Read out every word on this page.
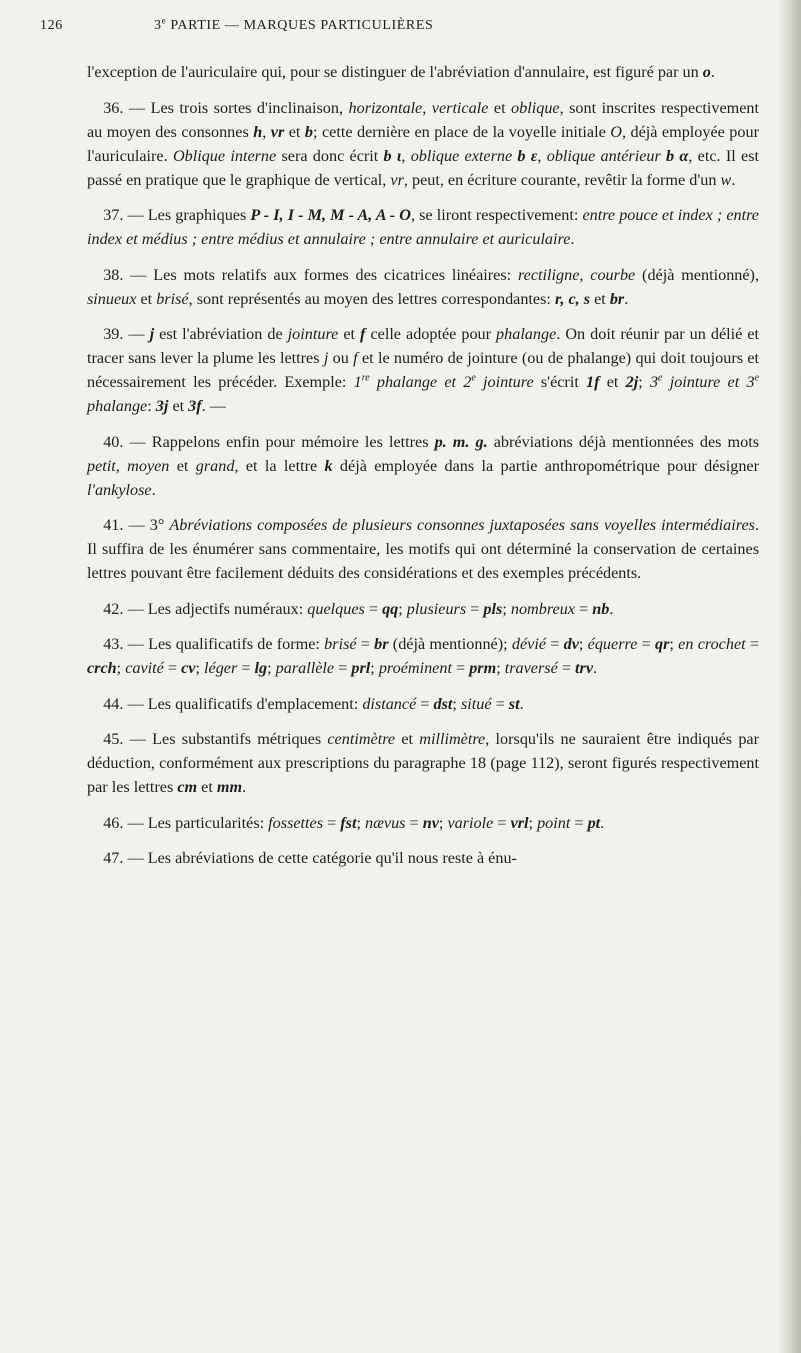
126	3e PARTIE — MARQUES PARTICULIÈRES

l'exception de l'auriculaire qui, pour se distinguer de l'abréviation d'annulaire, est figuré par un o.

 36. — Les trois sortes d'inclinaison, horizontale, verticale et oblique, sont inscrites respectivement au moyen des consonnes h, vr et b; cette dernière en place de la voyelle initiale O, déjà employée pour l'auriculaire. Oblique interne sera donc écrit b ι, oblique externe b ε, oblique antérieur b α, etc. Il est passé en pratique que le graphique de vertical, vr, peut, en écriture courante, revêtir la forme d'un w.

 37. — Les graphiques P - I, I - M, M - A, A - O, se liront respectivement: entre pouce et index ; entre index et médius ; entre médius et annulaire ; entre annulaire et auriculaire.

 38. — Les mots relatifs aux formes des cicatrices linéaires: rectiligne, courbe (déjà mentionné), sinueux et brisé, sont représentés au moyen des lettres correspondantes: r, c, s et br.

 39. — j est l'abréviation de jointure et f celle adoptée pour phalange. On doit réunir par un délié et tracer sans lever la plume les lettres j ou f et le numéro de jointure (ou de phalange) qui doit toujours et nécessairement les précéder. Exemple: 1re phalange et 2e jointure s'écrit 1f et 2j; 3e jointure et 3e phalange: 3j et 3f. —

 40. — Rappelons enfin pour mémoire les lettres p. m. g. abréviations déjà mentionnées des mots petit, moyen et grand, et la lettre k déjà employée dans la partie anthropométrique pour désigner l'ankylose.

 41. — 3° Abréviations composées de plusieurs consonnes juxtaposées sans voyelles intermédiaires. Il suffira de les énumérer sans commentaire, les motifs qui ont déterminé la conservation de certaines lettres pouvant être facilement déduits des considérations et des exemples précédents.

 42. — Les adjectifs numéraux: quelques = qq; plusieurs = pls; nombreux = nb.

 43. — Les qualificatifs de forme: brisé = br (déjà mentionné); dévié = dv; équerre = qr; en crochet = crch; cavité = cv; léger = lg; parallèle = prl; proéminent = prm; traversé = trv.

 44. — Les qualificatifs d'emplacement: distancé = dst; situé = st.

 45. — Les substantifs métriques centimètre et millimètre, lorsqu'ils ne sauraient être indiqués par déduction, conformément aux prescriptions du paragraphe 18 (page 112), seront figurés respectivement par les lettres cm et mm.

 46. — Les particularités: fossettes = fst; nævus = nv; variole = vrl; point = pt.

 47. — Les abréviations de cette catégorie qu'il nous reste à énu-
